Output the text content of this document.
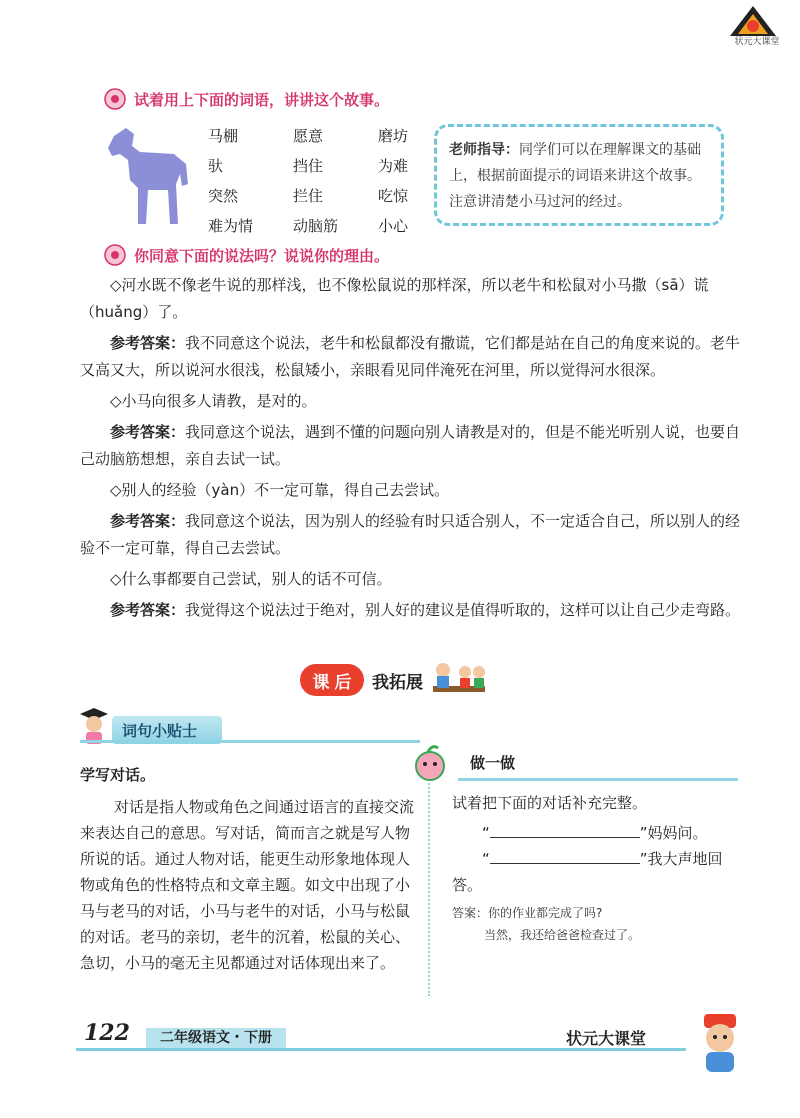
状元大课堂
试着用上下面的词语，讲讲这个故事。
马棚	愿意	磨坊
驮	挡住	为难
突然	拦住	吃惊
难为情	动脑筋	小心
老师指导：同学们可以在理解课文的基础上，根据前面提示的词语来讲这个故事。注意讲清楚小马过河的经过。
你同意下面的说法吗？说说你的理由。
◇河水既不像老牛说的那样浅，也不像松鼠说的那样深，所以老牛和松鼠对小马撒（sā）谎（huǎng）了。
参考答案：我不同意这个说法，老牛和松鼠都没有撒谎，它们都是站在自己的角度来说的。老牛又高又大，所以说河水很浅，松鼠矮小，亲眼看见同伴淹死在河里，所以觉得河水很深。
◇小马向很多人请教，是对的。
参考答案：我同意这个说法，遇到不懂的问题向别人请教是对的，但是不能光听别人说，也要自己动脑筋想想，亲自去试一试。
◇别人的经验（yàn）不一定可靠，得自己去尝试。
参考答案：我同意这个说法，因为别人的经验有时只适合别人，不一定适合自己，所以别人的经验不一定可靠，得自己去尝试。
◇什么事都要自己尝试，别人的话不可信。
参考答案：我觉得这个说法过于绝对，别人好的建议是值得听取的，这样可以让自己少走弯路。
课 后 我拓展
词句小贴士
学写对话。
对话是指人物或角色之间通过语言的直接交流来表达自己的意思。写对话，简而言之就是写人物所说的话。通过人物对话，能更生动形象地体现人物或角色的性格特点和文章主题。如文中出现了小马与老马的对话，小马与老牛的对话，小马与松鼠的对话。老马的亲切，老牛的沉着，松鼠的关心、急切，小马的毫无主见都通过对话体现出来了。
做一做
试着把下面的对话补充完整。
“	”妈妈问。
“	”我大声地回答。
答案：你的作业都完成了吗?
当然，我还给爸爸检查过了。
122	二年级语文・下册	状元大课堂
